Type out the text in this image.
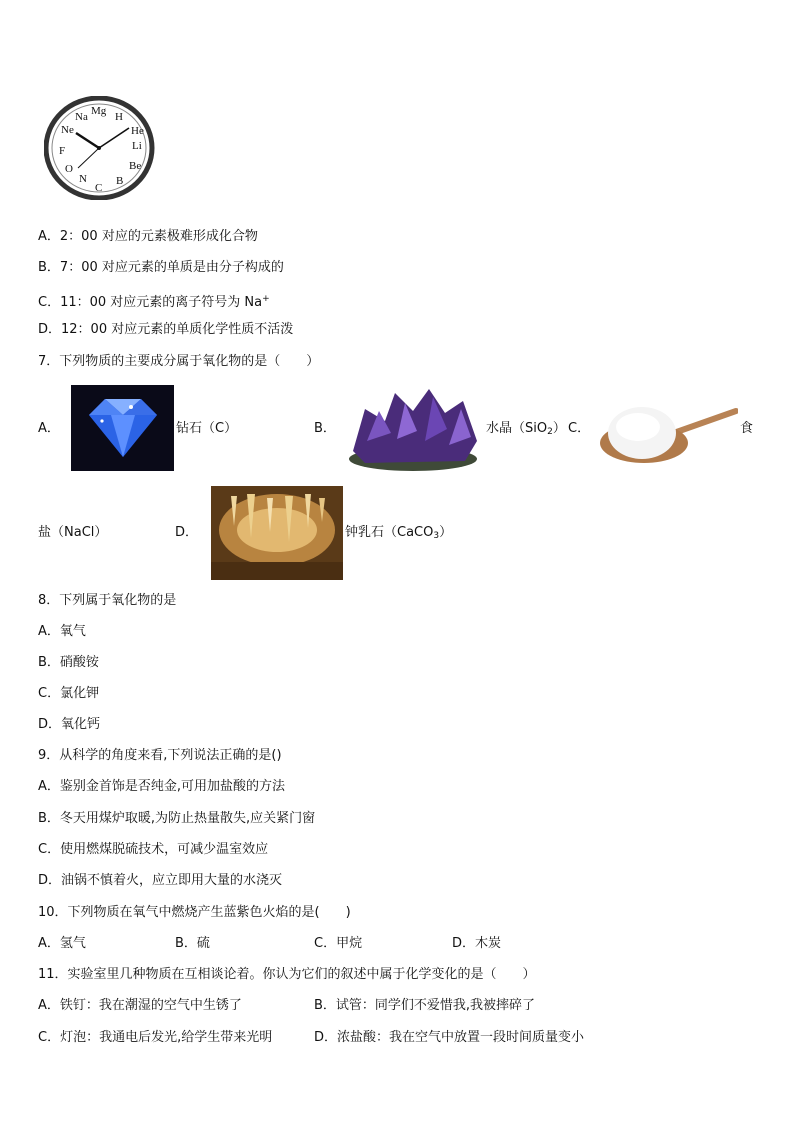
Mg
Na H
Ne	He
Li
F
Be
O
N
C
B
A．2：00 对应的元素极难形成化合物
B．7：00 对应元素的单质是由分子构成的
C．11：00 对应元素的离子符号为 Na+
D．12：00 对应元素的单质化学性质不活泼
7．下列物质的主要成分属于氧化物的是（　　）
A．	钻石（C）	B．	水晶（SiO$_2$） C．	食
盐（NaCl）	D．	钟乳石（CaCO$_3$）
8．下列属于氧化物的是
A．氧气
B．硝酸铵
C．氯化钾
D．氧化钙
9．从科学的角度来看,下列说法正确的是()
A．鉴别金首饰是否纯金,可用加盐酸的方法
B．冬天用煤炉取暖,为防止热量散失,应关紧门窗
C．使用燃煤脱硫技术，可减少温室效应
D．油锅不慎着火，应立即用大量的水浇灭
10．下列物质在氧气中燃烧产生蓝紫色火焰的是(　　)
A．氢气	B．硫	C．甲烷	D．木炭
11．实验室里几种物质在互相谈论着。你认为它们的叙述中属于化学变化的是（　　）
A．铁钉：我在潮湿的空气中生锈了	B．试管：同学们不爱惜我,我被摔碎了
C．灯泡：我通电后发光,给学生带来光明	D．浓盐酸：我在空气中放置一段时间质量变小
